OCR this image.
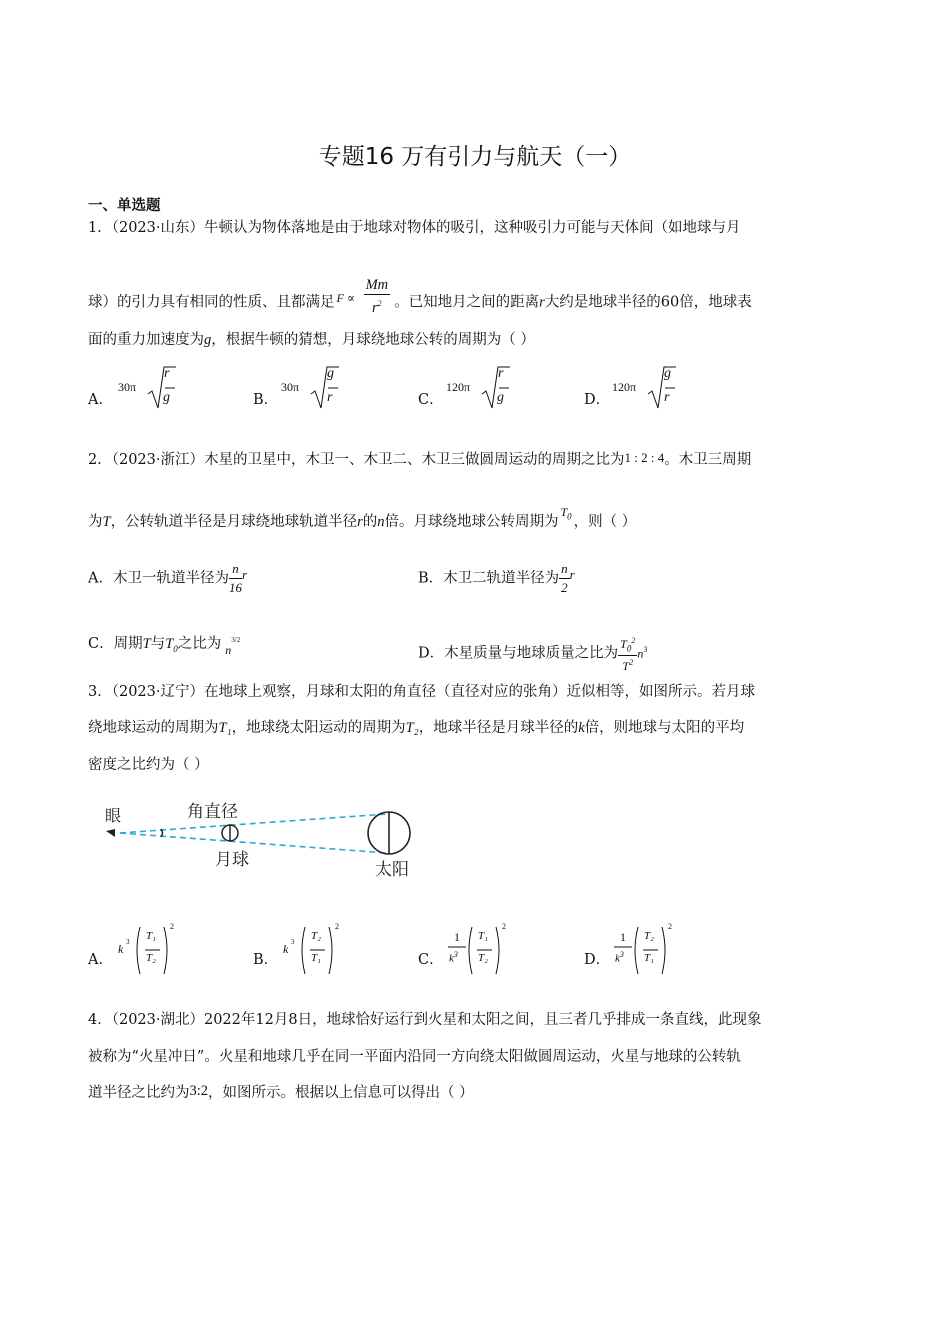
专题16 万有引力与航天（一）
一、单选题
1．（2023·山东）牛顿认为物体落地是由于地球对物体的吸引，这种吸引力可能与天体间（如地球与月
球）的引力具有相同的性质、且都满足 $^{F \propto} \frac{Mm}{r^2}$ 。已知地月之间的距离r大约是地球半径的60倍，地球表
面的重力加速度为g，根据牛顿的猜想，月球绕地球公转的周期为（ ）
A．
30π
r
g	B．
30π
g
r	C．
120π
r
g	D．
120π
g
r
2．（2023·浙江）木星的卫星中，木卫一、木卫二、木卫三做圆周运动的周期之比为1 : 2 : 4。木卫三周期
为T，公转轨道半径是月球绕地球轨道半径r的n倍。月球绕地球公转周期为$^{T_0}$ ，则（ ）
A．木卫一轨道半径为 $\frac{n}{16}$ r	B．木卫二轨道半径为 $\frac{n}{2}$ r
C．周期T与$T_0$之比为 $_n^{3/2}$
D．木星质量与地球质量之比为 $\frac{T_0^2}{T^2} n^3$
3．（2023·辽宁）在地球上观察，月球和太阳的角直径（直径对应的张角）近似相等，如图所示。若月球
绕地球运动的周期为T₁，地球绕太阳运动的周期为T₂，地球半径是月球半径的k倍，则地球与太阳的平均
密度之比约为（ ）
眼	角直径
月球	太阳
A．
k 3 T₁
T₂
2
B．
k 3 T₂
T₁
2
C．
1
$k^3$
T₁
T₂
2
D．
1
$k^3$
T₂
T₁
2
4．（2023·湖北）2022年12月8日，地球恰好运行到火星和太阳之间，且三者几乎排成一条直线，此现象
被称为“火星冲日”。火星和地球几乎在同一平面内沿同一方向绕太阳做圆周运动，火星与地球的公转轨
道半径之比约为3:2，如图所示。根据以上信息可以得出（ ）
